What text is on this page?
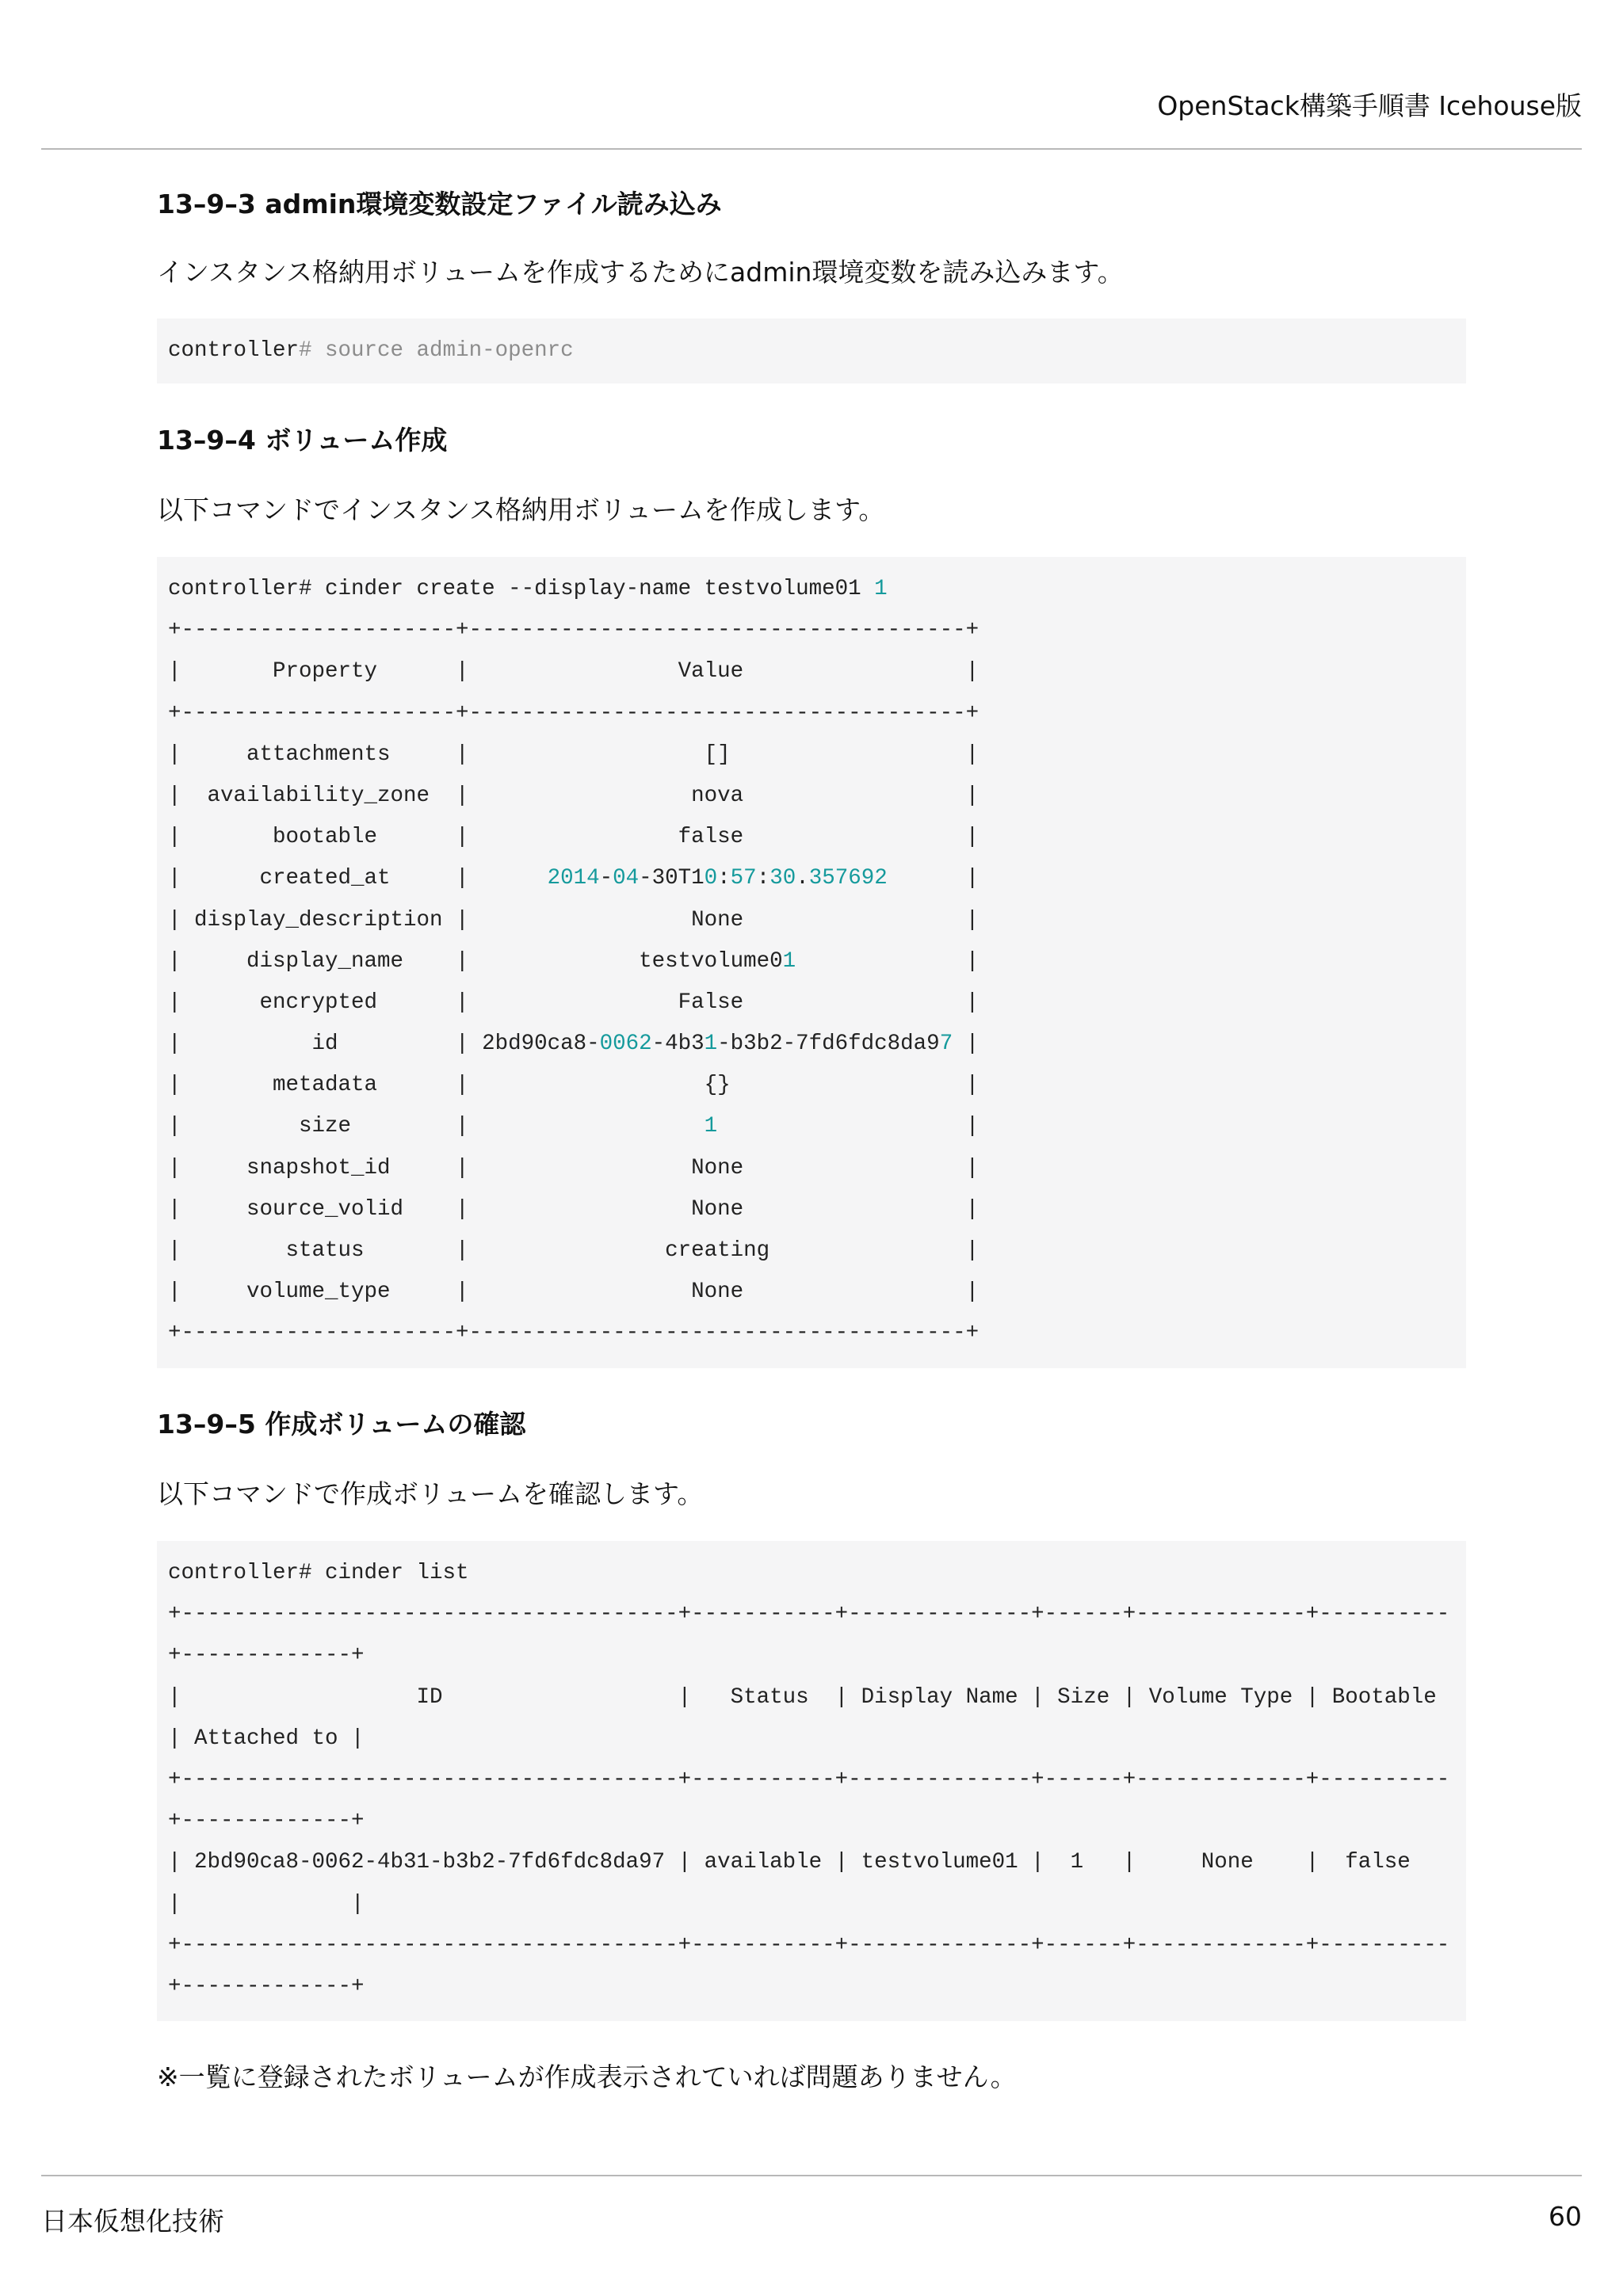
OpenStack構築手順書 Icehouse版
13–9–3 admin環境変数設定ファイル読み込み

インスタンス格納用ボリュームを作成するためにadmin環境変数を読み込みます。

controller# source admin-openrc
13–9–4 ボリューム作成

以下コマンドでインスタンス格納用ボリュームを作成します。

controller# cinder create --display-name testvolume01 1
+---------------------+--------------------------------------+
|       Property      |                Value                 |
+---------------------+--------------------------------------+
|     attachments     |                  []                  |
|  availability_zone  |                 nova                 |
|       bootable      |                false                 |
|      created_at     |      2014-04-30T10:57:30.357692      |
| display_description |                 None                 |
|     display_name    |             testvolume01             |
|      encrypted      |                False                 |
|          id         | 2bd90ca8-0062-4b31-b3b2-7fd6fdc8da97 |
|       metadata      |                  {}                  |
|         size        |                  1                   |
|     snapshot_id     |                 None                 |
|     source_volid    |                 None                 |
|        status       |               creating               |
|     volume_type     |                 None                 |
+---------------------+--------------------------------------+
13–9–5 作成ボリュームの確認

以下コマンドで作成ボリュームを確認します。

controller# cinder list
+--------------------------------------+-----------+--------------+------+-------------+----------
+-------------+
|                  ID                  |   Status  | Display Name | Size | Volume Type | Bootable
| Attached to |
+--------------------------------------+-----------+--------------+------+-------------+----------
+-------------+
| 2bd90ca8-0062-4b31-b3b2-7fd6fdc8da97 | available | testvolume01 |  1   |     None    |  false
|             |
+--------------------------------------+-----------+--------------+------+-------------+----------
+-------------+

※一覧に登録されたボリュームが作成表示されていれば問題ありません。

日本仮想化技術	60
